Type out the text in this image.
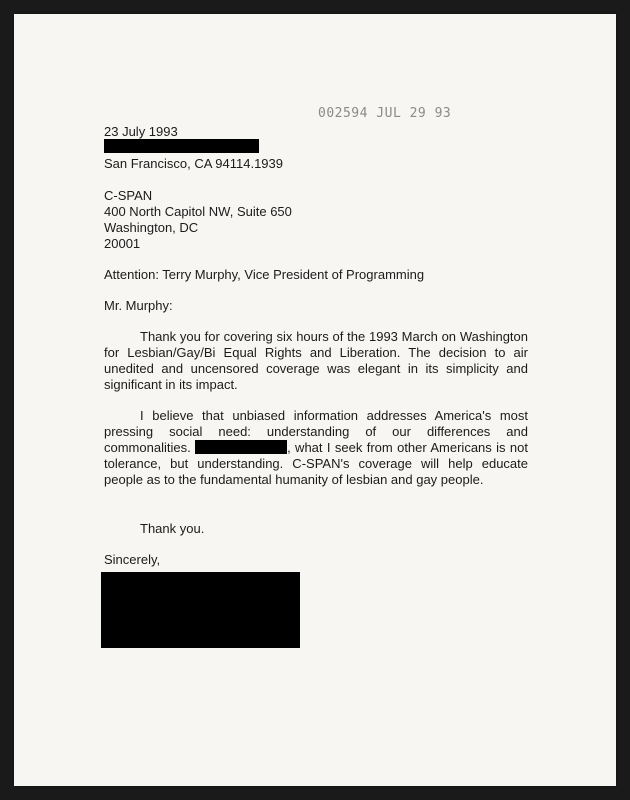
002594 JUL 29 93
23 July 1993
San Francisco, CA 94114.1939
C-SPAN
400 North Capitol NW, Suite 650
Washington, DC
20001
Attention: Terry Murphy, Vice President of Programming
Mr. Murphy:
Thank you for covering six hours of the 1993 March on Washington for Lesbian/Gay/Bi Equal Rights and Liberation. The decision to air unedited and uncensored coverage was elegant in its simplicity and significant in its impact.
I believe that unbiased information addresses America's most pressing social need: understanding of our differences and commonalities.	, what I seek from other Americans is not tolerance, but understanding. C-SPAN's coverage will help educate people as to the fundamental humanity of lesbian and gay people.
Thank you.
Sincerely,
